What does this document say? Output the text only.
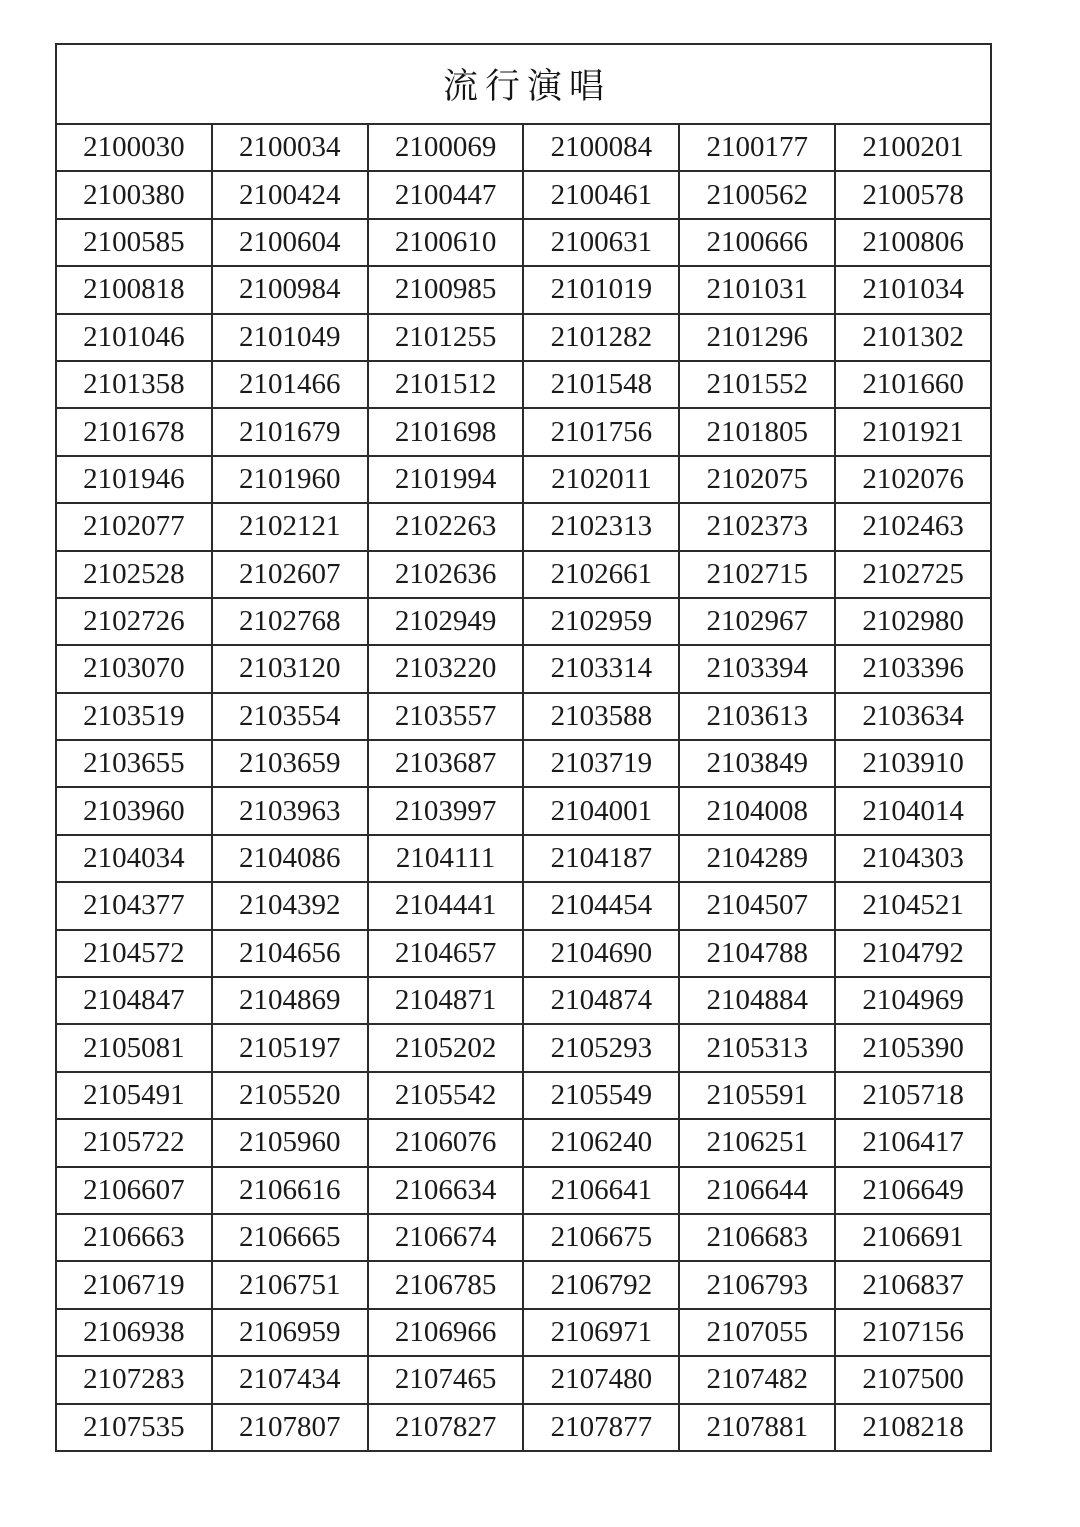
流行演唱					
2100030	2100034	2100069	2100084	2100177	2100201
2100380	2100424	2100447	2100461	2100562	2100578
2100585	2100604	2100610	2100631	2100666	2100806
2100818	2100984	2100985	2101019	2101031	2101034
2101046	2101049	2101255	2101282	2101296	2101302
2101358	2101466	2101512	2101548	2101552	2101660
2101678	2101679	2101698	2101756	2101805	2101921
2101946	2101960	2101994	2102011	2102075	2102076
2102077	2102121	2102263	2102313	2102373	2102463
2102528	2102607	2102636	2102661	2102715	2102725
2102726	2102768	2102949	2102959	2102967	2102980
2103070	2103120	2103220	2103314	2103394	2103396
2103519	2103554	2103557	2103588	2103613	2103634
2103655	2103659	2103687	2103719	2103849	2103910
2103960	2103963	2103997	2104001	2104008	2104014
2104034	2104086	2104111	2104187	2104289	2104303
2104377	2104392	2104441	2104454	2104507	2104521
2104572	2104656	2104657	2104690	2104788	2104792
2104847	2104869	2104871	2104874	2104884	2104969
2105081	2105197	2105202	2105293	2105313	2105390
2105491	2105520	2105542	2105549	2105591	2105718
2105722	2105960	2106076	2106240	2106251	2106417
2106607	2106616	2106634	2106641	2106644	2106649
2106663	2106665	2106674	2106675	2106683	2106691
2106719	2106751	2106785	2106792	2106793	2106837
2106938	2106959	2106966	2106971	2107055	2107156
2107283	2107434	2107465	2107480	2107482	2107500
2107535	2107807	2107827	2107877	2107881	2108218
